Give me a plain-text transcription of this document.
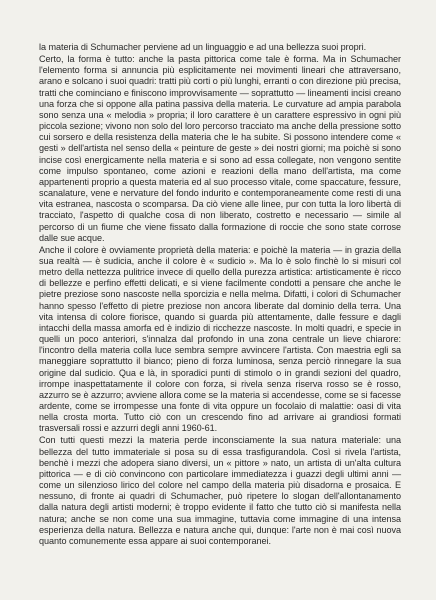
la materia di Schumacher perviene ad un linguaggio e ad una bellezza suoi propri.

Certo, la forma è tutto: anche la pasta pittorica come tale è forma. Ma in Schumacher l'elemento forma si annuncia più esplicitamente nei movimenti lineari che attraversano, arano e solcano i suoi quadri: tratti più corti o più lunghi, erranti o con direzione più precisa, tratti che cominciano e finiscono improvvisamente — soprattutto — lineamenti incisi creano una forza che si oppone alla patina passiva della materia. Le curvature ad ampia parabola sono senza una « melodia » propria; il loro carattere è un carattere espressivo in ogni più piccola sezione; vivono non solo del loro percorso tracciato ma anche della pressione sotto cui sorsero e della resistenza della materia che le ha subite. Si possono intendere come « gesti » dell'artista nel senso della « peinture de geste » dei nostri giorni; ma poichè si sono incise così energicamente nella materia e si sono ad essa collegate, non vengono sentite come impulso spontaneo, come azioni e reazioni della mano dell'artista, ma come appartenenti proprio a questa materia ed al suo processo vitale, come spaccature, fessure, scanalature, vene e nervature del fondo indurito e contemporaneamente come resti di una vita estranea, nascosta o scomparsa. Da ciò viene alle linee, pur con tutta la loro libertà di tracciato, l'aspetto di qualche cosa di non liberato, costretto e necessario — simile al percorso di un fiume che viene fissato dalla formazione di roccie che sono state corrose dalle sue acque.

Anche il colore è ovviamente proprietà della materia: e poichè la materia — in grazia della sua realtà — è sudicia, anche il colore è « sudicio ». Ma lo è solo finchè lo si misuri col metro della nettezza pulitrice invece di quello della purezza artistica: artisticamente è ricco di bellezze e perfino effetti delicati, e si viene facilmente condotti a pensare che anche le pietre preziose sono nascoste nella sporcizia e nella melma. Difatti, i colori di Schumacher hanno spesso l'effetto di pietre preziose non ancora liberate dal dominio della terra. Una vita intensa di colore fiorisce, quando si guarda più attentamente, dalle fessure e dagli intacchi della massa amorfa ed è indizio di ricchezze nascoste. In molti quadri, e specie in quelli un poco anteriori, s'innalza dal profondo in una zona centrale un lieve chiarore: l'incontro della materia colla luce sembra sempre avvincere l'artista. Con maestria egli sa maneggiare soprattutto il bianco; pieno di forza luminosa, senza perciò rinnegare la sua origine dal sudicio. Qua e là, in sporadici punti di stimolo o in grandi sezioni del quadro, irrompe inaspettatamente il colore con forza, si rivela senza riserva rosso se è rosso, azzurro se è azzurro; avviene allora come se la materia si accendesse, come se si facesse ardente, come se irrompesse una fonte di vita oppure un focolaio di malattie: oasi di vita nella crosta morta. Tutto ciò con un crescendo fino ad arrivare ai grandiosi formati trasversali rossi e azzurri degli anni 1960-61.

Con tutti questi mezzi la materia perde inconsciamente la sua natura materiale: una bellezza del tutto immateriale si posa su di essa trasfigurandola. Così si rivela l'artista, benchè i mezzi che adopera siano diversi, un « pittore » nato, un artista di un'alta cultura pittorica — e di ciò convincono con particolare immediatezza i guazzi degli ultimi anni — come un silenzioso lirico del colore nel campo della materia più disadorna e prosaica. E nessuno, di fronte ai quadri di Schumacher, può ripetere lo slogan dell'allontanamento dalla natura degli artisti moderni; è troppo evidente il fatto che tutto ciò si manifesta nella natura; anche se non come una sua immagine, tuttavia come immagine di una intensa esperienza della natura. Bellezza e natura anche qui, dunque: l'arte non è mai così nuova quanto comunemente essa appare ai suoi contemporanei.
